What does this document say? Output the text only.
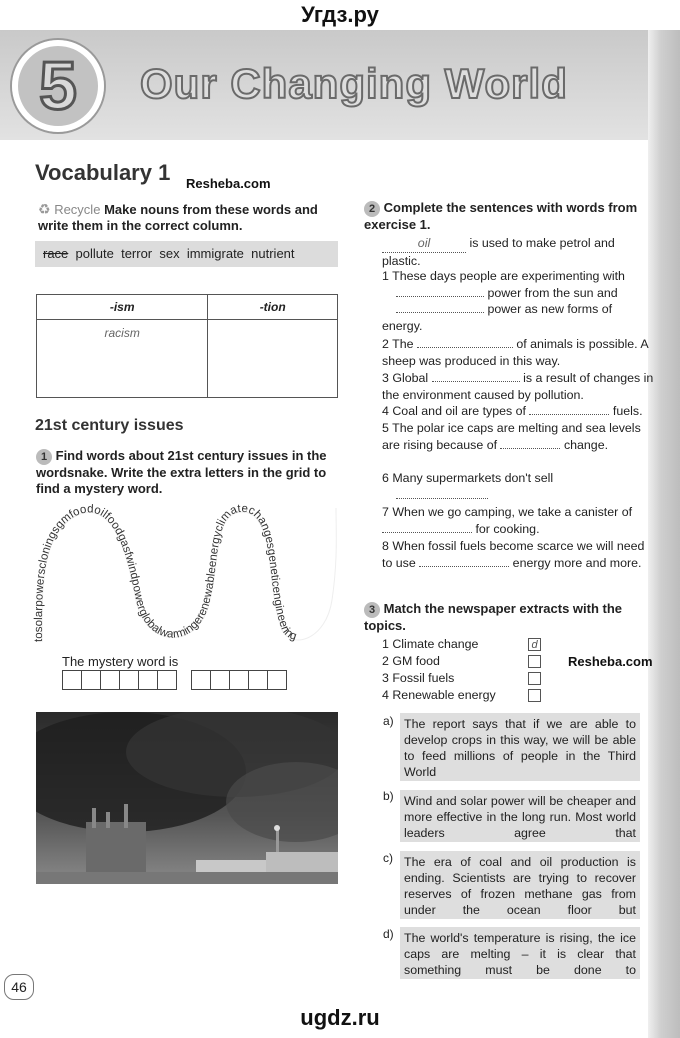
Угдз.ру
5	Our Changing World
Vocabulary 1 Resheba.com
♻ Recycle Make nouns from these words and write them in the correct column.
race pollute terror sex immigrate nutrient
-ism	-tion
racism	
21st century issues
1 Find words about 21st century issues in the wordsnake. Write the extra letters in the grid to find a mystery word.
tosolarpowerscloningsgmfoodoilfoodgasfwindpowerglobalwarmingerenewableenergyclimatechangesgeneticengineering
The mystery word is
46
2 Complete the sentences with words from exercise 1.
oil	is used to make petrol and plastic.
1 These days people are experimenting with
power from the sun and
power as new forms of energy.
2 The	of animals is possible. A sheep was produced in this way.
3 Global	is a result of changes in the environment caused by pollution.
4 Coal and oil are types of	fuels.
5 The polar ice caps are melting and sea levels are rising because of	change.
6 Many supermarkets don't sell

7 When we go camping, we take a canister of  for cooking.
8 When fossil fuels become scarce we will need to use	energy more and more.
3 Match the newspaper extracts with the topics.
1 Climate change
2 GM food
3 Fossil fuels
4 Renewable energy
d
Resheba.com
a) The report says that if we are able to develop crops in this way, we will be able to feed millions of people in the Third World
b) Wind and solar power will be cheaper and more effective in the long run. Most world leaders agree that
c) The era of coal and oil production is ending. Scientists are trying to recover reserves of frozen methane gas from under the ocean floor but
d) The world's temperature is rising, the ice caps are melting – it is clear that something must be done to
ugdz.ru
